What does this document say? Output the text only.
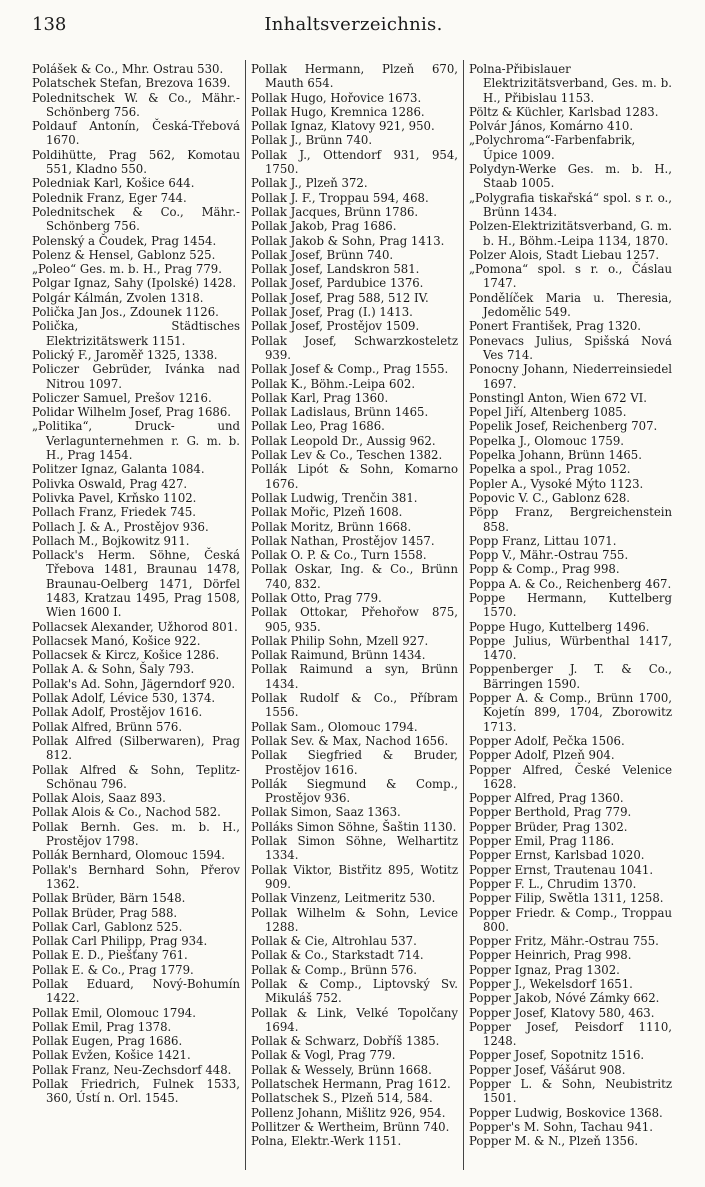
138	Inhaltsverzeichnis.
Polášek & Co., Mhr. Ostrau 530.
Polatschek Stefan, Brezova 1639.
Polednitschek W. & Co., Mähr.-Schönberg 756.
Poldauf Antonín, Česká-Třebová 1670.
Poldihütte, Prag 562, Komotau 551, Kladno 550.
Poledniak Karl, Košice 644.
Polednik Franz, Eger 744.
Polednitschek & Co., Mähr.-Schönberg 756.
Polenský a Čoudek, Prag 1454.
Polenz & Hensel, Gablonz 525.
„Poleo“ Ges. m. b. H., Prag 779.
Polgar Ignaz, Sahy (Ipolské) 1428.
Polgár Kálmán, Zvolen 1318.
Polička Jan Jos., Zdounek 1126.
Polička, Städtisches Elektrizitätswerk 1151.
Polický F., Jaroměř 1325, 1338.
Policzer Gebrüder, Ivánka nad Nitrou 1097.
Policzer Samuel, Prešov 1216.
Polidar Wilhelm Josef, Prag 1686.
„Politika“, Druck- und Verlagunternehmen r. G. m. b. H., Prag 1454.
Politzer Ignaz, Galanta 1084.
Polivka Oswald, Prag 427.
Polivka Pavel, Krňsko 1102.
Pollach Franz, Friedek 745.
Pollach J. & A., Prostějov 936.
Pollach M., Bojkowitz 911.
Pollack's Herm. Söhne, Česká Třebova 1481, Braunau 1478, Braunau-Oelberg 1471, Dörfel 1483, Kratzau 1495, Prag 1508, Wien 1600 I.
Pollacsek Alexander, Užhorod 801.
Pollacsek Manó, Košice 922.
Pollacsek & Kircz, Košice 1286.
Pollak A. & Sohn, Šaly 793.
Pollak's Ad. Sohn, Jägerndorf 920.
Pollak Adolf, Lévice 530, 1374.
Pollak Adolf, Prostějov 1616.
Pollak Alfred, Brünn 576.
Pollak Alfred (Silberwaren), Prag 812.
Pollak Alfred & Sohn, Teplitz-Schönau 796.
Pollak Alois, Saaz 893.
Pollak Alois & Co., Nachod 582.
Pollak Bernh. Ges. m. b. H., Prostějov 1798.
Pollák Bernhard, Olomouc 1594.
Pollak's Bernhard Sohn, Přerov 1362.
Pollak Brüder, Bärn 1548.
Pollak Brüder, Prag 588.
Pollak Carl, Gablonz 525.
Pollak Carl Philipp, Prag 934.
Pollak E. D., Piešťany 761.
Pollak E. & Co., Prag 1779.
Pollak Eduard, Nový-Bohumín 1422.
Pollak Emil, Olomouc 1794.
Pollak Emil, Prag 1378.
Pollak Eugen, Prag 1686.
Pollak Evžen, Košice 1421.
Pollak Franz, Neu-Zechsdorf 448.
Pollak Friedrich, Fulnek 1533, 360, Ústí n. Orl. 1545.
Pollak Hermann, Plzeň 670, Mauth 654.
Pollak Hugo, Hořovice 1673.
Pollak Hugo, Kremnica 1286.
Pollak Ignaz, Klatovy 921, 950.
Pollak J., Brünn 740.
Pollak J., Ottendorf 931, 954, 1750.
Pollak J., Plzeň 372.
Pollak J. F., Troppau 594, 468.
Pollak Jacques, Brünn 1786.
Pollak Jakob, Prag 1686.
Pollak Jakob & Sohn, Prag 1413.
Pollak Josef, Brünn 740.
Pollak Josef, Landskron 581.
Pollak Josef, Pardubice 1376.
Pollak Josef, Prag 588, 512 IV.
Pollak Josef, Prag (I.) 1413.
Pollak Josef, Prostějov 1509.
Pollak Josef, Schwarzkosteletz 939.
Pollak Josef & Comp., Prag 1555.
Pollak K., Böhm.-Leipa 602.
Pollak Karl, Prag 1360.
Pollak Ladislaus, Brünn 1465.
Pollak Leo, Prag 1686.
Pollak Leopold Dr., Aussig 962.
Pollak Lev & Co., Teschen 1382.
Pollák Lipót & Sohn, Komarno 1676.
Pollak Ludwig, Trenčin 381.
Pollak Mořic, Plzeň 1608.
Pollak Moritz, Brünn 1668.
Pollak Nathan, Prostějov 1457.
Pollak O. P. & Co., Turn 1558.
Pollak Oskar, Ing. & Co., Brünn 740, 832.
Pollak Otto, Prag 779.
Pollak Ottokar, Přehořow 875, 905, 935.
Pollak Philip Sohn, Mzell 927.
Pollak Raimund, Brünn 1434.
Pollak Raimund a syn, Brünn 1434.
Pollak Rudolf & Co., Příbram 1556.
Pollak Sam., Olomouc 1794.
Pollak Sev. & Max, Nachod 1656.
Pollak Siegfried & Bruder, Prostějov 1616.
Pollák Siegmund & Comp., Prostějov 936.
Pollak Simon, Saaz 1363.
Polláks Simon Söhne, Šaštin 1130.
Pollak Simon Söhne, Welhartitz 1334.
Pollak Viktor, Bistřitz 895, Wotitz 909.
Pollak Vinzenz, Leitmeritz 530.
Pollak Wilhelm & Sohn, Levice 1288.
Pollak & Cie, Altrohlau 537.
Pollak & Co., Starkstadt 714.
Pollak & Comp., Brünn 576.
Pollak & Comp., Liptovský Sv. Mikuláš 752.
Pollak & Link, Velké Topolčany 1694.
Pollak & Schwarz, Dobříš 1385.
Pollak & Vogl, Prag 779.
Pollak & Wessely, Brünn 1668.
Pollatschek Hermann, Prag 1612.
Pollatschek S., Plzeň 514, 584.
Pollenz Johann, Mišlitz 926, 954.
Pollitzer & Wertheim, Brünn 740.
Polna, Elektr.-Werk 1151.
Polna-Přibislauer Elektrizitätsverband, Ges. m. b. H., Přibislau 1153.
Pöltz & Küchler, Karlsbad 1283.
Polvár János, Komárno 410.
„Polychroma“-Farbenfabrik, Úpice 1009.
Polydyn-Werke Ges. m. b. H., Staab 1005.
„Polygrafia tiskařská“ spol. s r. o., Brünn 1434.
Polzen-Elektrizitätsverband, G. m. b. H., Böhm.-Leipa 1134, 1870.
Polzer Alois, Stadt Liebau 1257.
„Pomona“ spol. s r. o., Čáslau 1747.
Pondělíček Maria u. Theresia, Jedomělic 549.
Ponert František, Prag 1320.
Ponevacs Julius, Spišská Nová Ves 714.
Ponocny Johann, Niederreinsiedel 1697.
Ponstingl Anton, Wien 672 VI.
Popel Jiří, Altenberg 1085.
Popelik Josef, Reichenberg 707.
Popelka J., Olomouc 1759.
Popelka Johann, Brünn 1465.
Popelka a spol., Prag 1052.
Popler A., Vysoké Mýto 1123.
Popovic V. C., Gablonz 628.
Pöpp Franz, Bergreichenstein 858.
Popp Franz, Littau 1071.
Popp V., Mähr.-Ostrau 755.
Popp & Comp., Prag 998.
Poppa A. & Co., Reichenberg 467.
Poppe Hermann, Kuttelberg 1570.
Poppe Hugo, Kuttelberg 1496.
Poppe Julius, Würbenthal 1417, 1470.
Poppenberger J. T. & Co., Bärringen 1590.
Popper A. & Comp., Brünn 1700, Kojetín 899, 1704, Zborowitz 1713.
Popper Adolf, Pečka 1506.
Popper Adolf, Plzeň 904.
Popper Alfred, České Velenice 1628.
Popper Alfred, Prag 1360.
Popper Berthold, Prag 779.
Popper Brüder, Prag 1302.
Popper Emil, Prag 1186.
Popper Ernst, Karlsbad 1020.
Popper Ernst, Trautenau 1041.
Popper F. L., Chrudim 1370.
Popper Filip, Swětla 1311, 1258.
Popper Friedr. & Comp., Troppau 800.
Popper Fritz, Mähr.-Ostrau 755.
Popper Heinrich, Prag 998.
Popper Ignaz, Prag 1302.
Popper J., Wekelsdorf 1651.
Popper Jakob, Nóvé Zámky 662.
Popper Josef, Klatovy 580, 463.
Popper Josef, Peisdorf 1110, 1248.
Popper Josef, Sopotnitz 1516.
Popper Josef, Vášárut 908.
Popper L. & Sohn, Neubistritz 1501.
Popper Ludwig, Boskovice 1368.
Popper's M. Sohn, Tachau 941.
Popper M. & N., Plzeň 1356.
